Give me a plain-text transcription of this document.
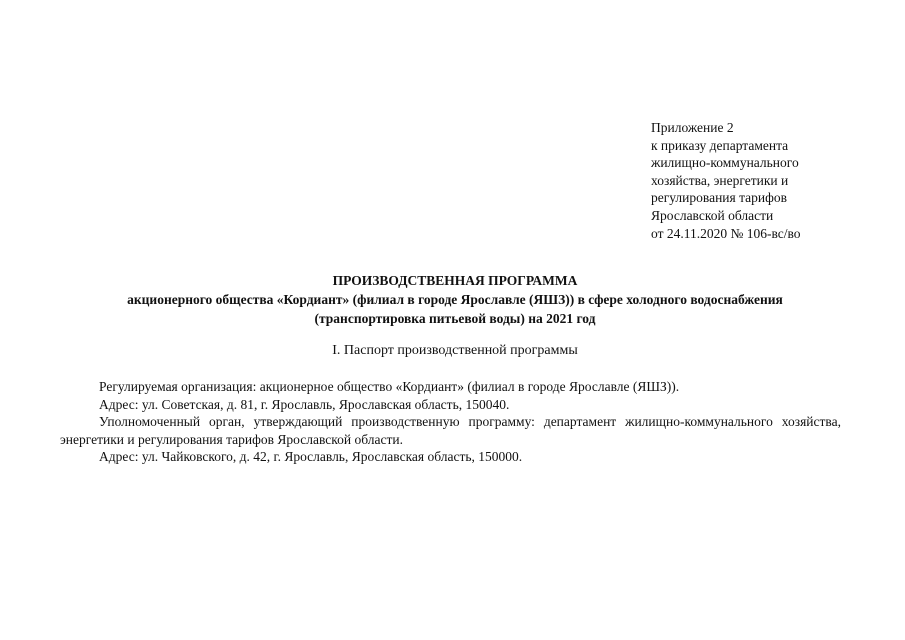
Приложение 2
к приказу департамента
жилищно-коммунального
хозяйства, энергетики и
регулирования тарифов
Ярославской области
от 24.11.2020 № 106-вс/во
ПРОИЗВОДСТВЕННАЯ ПРОГРАММА
акционерного общества «Кордиант» (филиал в городе Ярославле (ЯШЗ)) в сфере холодного водоснабжения
(транспортировка питьевой воды) на 2021 год
I. Паспорт производственной программы

Регулируемая организация: акционерное общество «Кордиант» (филиал в городе Ярославле (ЯШЗ)).

Адрес: ул. Советская, д. 81, г. Ярославль, Ярославская область, 150040.

Уполномоченный орган, утверждающий производственную программу: департамент жилищно-коммунального хозяйства, энергетики и регулирования тарифов Ярославской области.

Адрес: ул. Чайковского, д. 42, г. Ярославль, Ярославская область, 150000.
